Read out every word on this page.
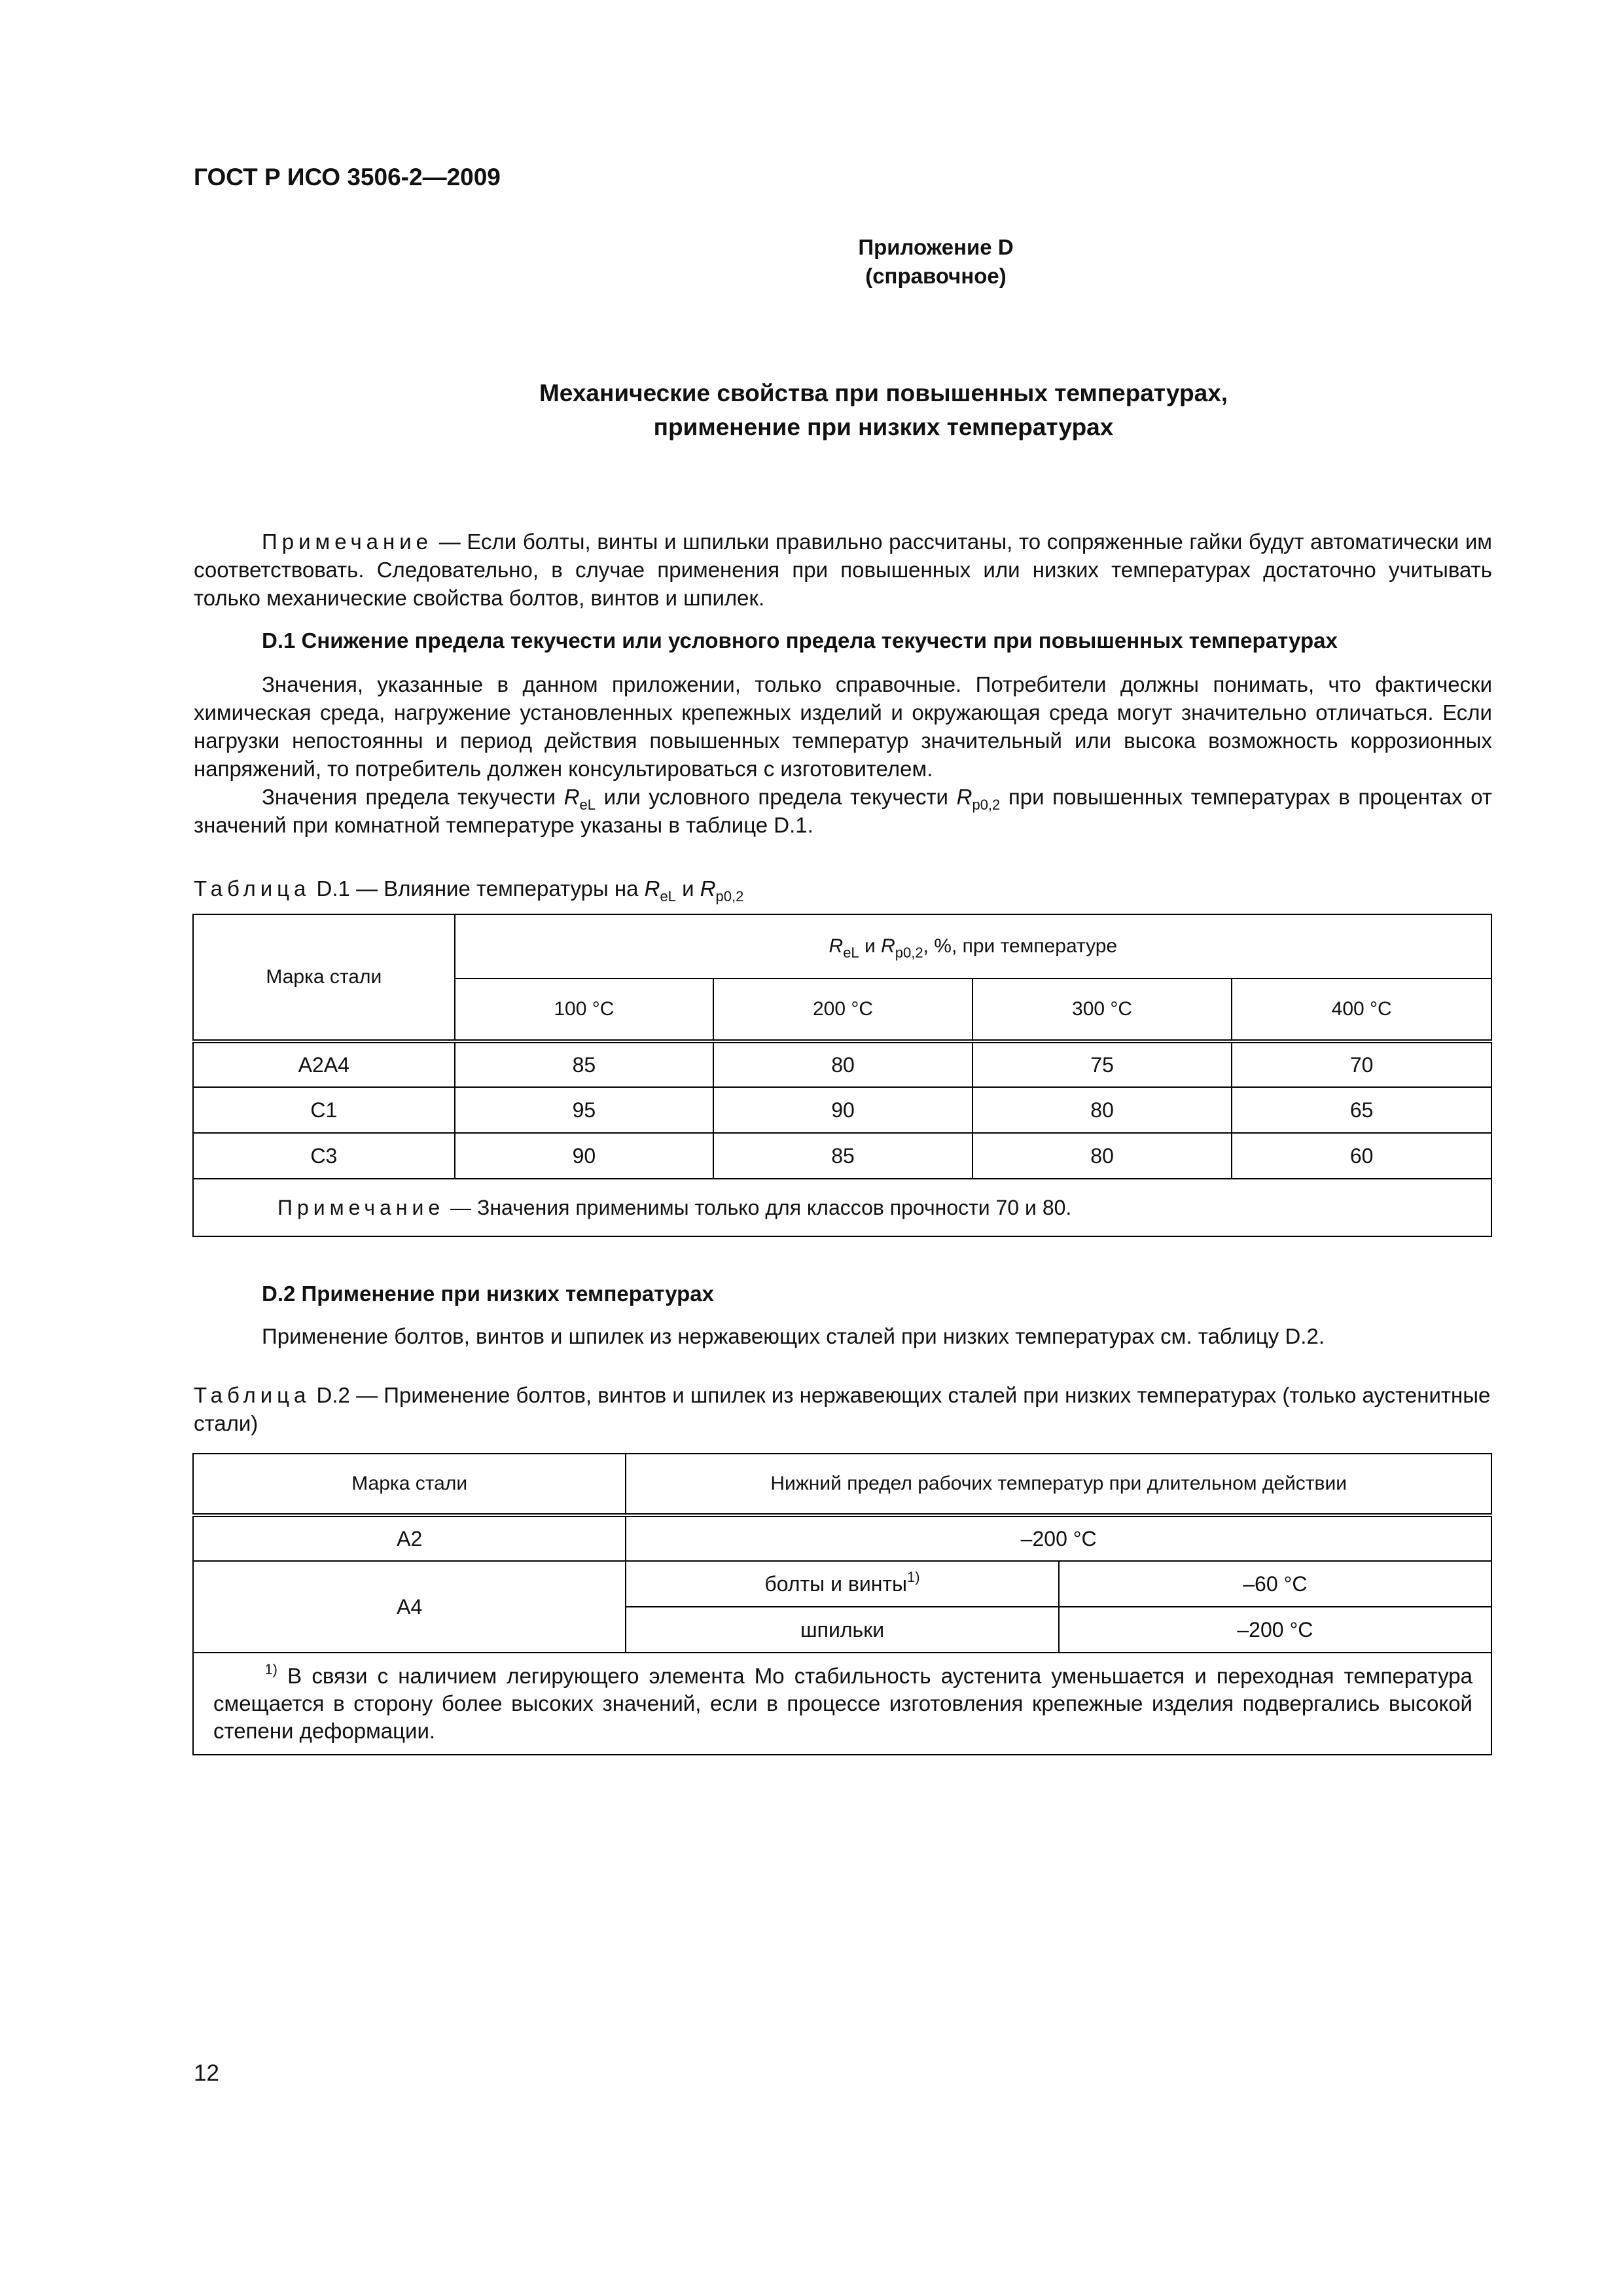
ГОСТ Р ИСО 3506-2—2009
Приложение D
(справочное)
Механические свойства при повышенных температурах,
применение при низких температурах
Примечание — Если болты, винты и шпильки правильно рассчитаны, то сопряженные гайки будут автоматически им соответствовать. Следовательно, в случае применения при повышенных или низких температурах достаточно учитывать только механические свойства болтов, винтов и шпилек.
D.1 Снижение предела текучести или условного предела текучести при повышенных температурах
Значения, указанные в данном приложении, только справочные. Потребители должны понимать, что фактически химическая среда, нагружение установленных крепежных изделий и окружающая среда могут значительно отличаться. Если нагрузки непостоянны и период действия повышенных температур значительный или высока возможность коррозионных напряжений, то потребитель должен консультироваться с изготовителем.
Значения предела текучести $R_{eL}$ или условного предела текучести $R_{p0,2}$ при повышенных температурах в процентах от значений при комнатной температуре указаны в таблице D.1.
Таблица D.1 — Влияние температуры на $R_{eL}$ и $R_{p0,2}$
Марка стали	$R_{eL}$ и $R_{p0,2}$, %, при температуре			
	100 °C	200 °C	300 °C	400 °C
A2A4	85	80	75	70
C1	95	90	80	65
C3	90	85	80	60
Примечание — Значения применимы только для классов прочности 70 и 80.				
D.2 Применение при низких температурах
Применение болтов, винтов и шпилек из нержавеющих сталей при низких температурах см. таблицу D.2.
Таблица D.2 — Применение болтов, винтов и шпилек из нержавеющих сталей при низких температурах (только аустенитные стали)
Марка стали	Нижний предел рабочих температур при длительном действии	
A2	–200 °C	
A4	болты и винты$^{1)}$	–60 °C
	шпильки	–200 °C
$^{1)}$ В связи с наличием легирующего элемента Mo стабильность аустенита уменьшается и переходная температура смещается в сторону более высоких значений, если в процессе изготовления крепежные изделия подвергались высокой степени деформации.		
12
